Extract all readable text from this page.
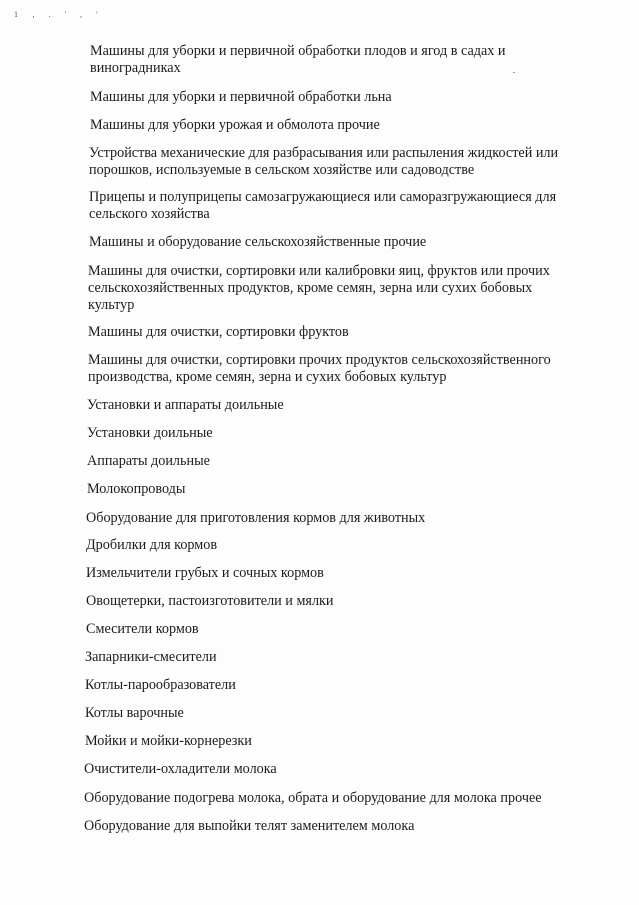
1 ‚ . ' , '
Машины для уборки и первичной обработки плодов и ягод в садах и виноградниках
Машины для уборки и первичной обработки льна
Машины для уборки урожая и обмолота прочие
Устройства механические для разбрасывания или распыления жидкостей или порошков, используемые в сельском хозяйстве или садоводстве
Прицепы и полуприцепы самозагружающиеся или саморазгружающиеся для сельского хозяйства
Машины и оборудование сельскохозяйственные прочие
Машины для очистки, сортировки или калибровки яиц, фруктов или прочих сельскохозяйственных продуктов, кроме семян, зерна или сухих бобовых культур
Машины для очистки, сортировки фруктов
Машины для очистки, сортировки прочих продуктов сельскохозяйственного производства, кроме семян, зерна и сухих бобовых культур
Установки и аппараты доильные
Установки доильные
Аппараты доильные
Молокопроводы
Оборудование для приготовления кормов для животных
Дробилки для кормов
Измельчители грубых и сочных кормов
Овощетерки, пастоизготовители и мялки
Смесители кормов
Запарники-смесители
Котлы-парообразователи
Котлы варочные
Мойки и мойки-корнерезки
Очистители-охладители молока
Оборудование подогрева молока, обрата и оборудование для молока прочее
Оборудование для выпойки телят заменителем молока
